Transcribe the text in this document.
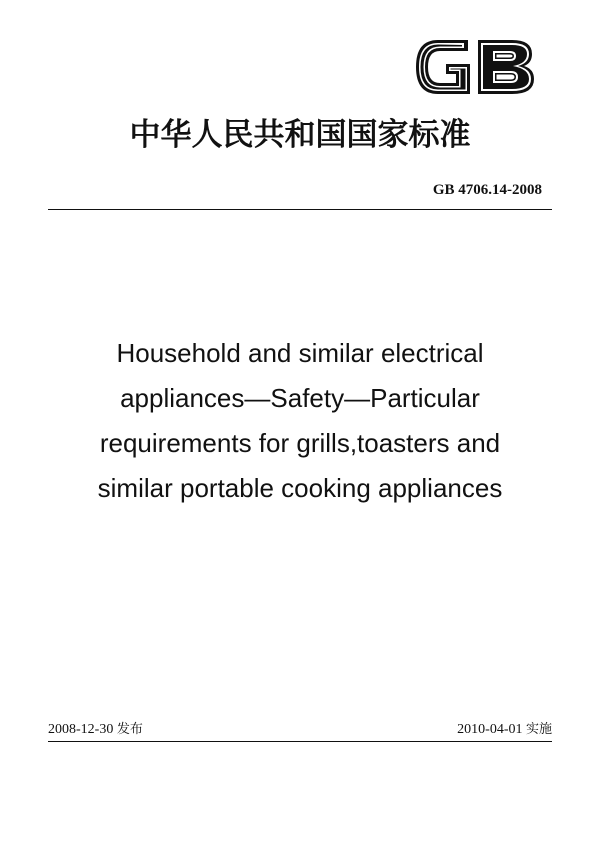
中华人民共和国国家标准
GB 4706.14-2008
Household and similar electrical
appliances—Safety—Particular
requirements for grills,toasters and
similar portable cooking appliances
2008-12-30 发布	2010-04-01 实施
